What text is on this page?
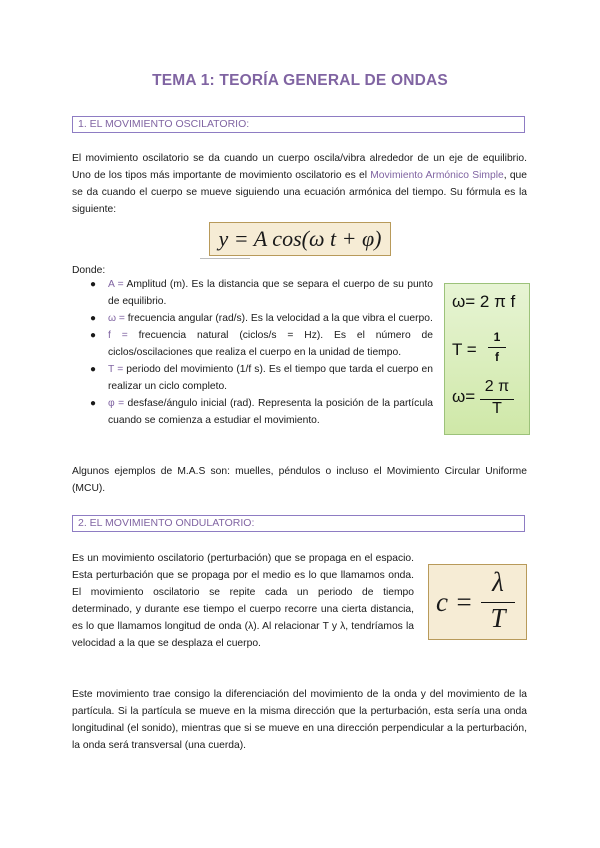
TEMA 1: TEORÍA GENERAL DE ONDAS
1. EL MOVIMIENTO OSCILATORIO:
El movimiento oscilatorio se da cuando un cuerpo oscila/vibra alrededor de un eje de equilibrio. Uno de los tipos más importante de movimiento oscilatorio es el Movimiento Armónico Simple, que se da cuando el cuerpo se mueve siguiendo una ecuación armónica del tiempo. Su fórmula es la siguiente:
y = A cos(ω t + φ)
Donde:
● A = Amplitud (m). Es la distancia que se separa el cuerpo de su punto de equilibrio.
● ω = frecuencia angular (rad/s). Es la velocidad a la que vibra el cuerpo.
● f = frecuencia natural (ciclos/s = Hz). Es el número de ciclos/oscilaciones que realiza el cuerpo en la unidad de tiempo.
● T = periodo del movimiento (1/f s). Es el tiempo que tarda el cuerpo en realizar un ciclo completo.
● φ = desfase/ángulo inicial (rad). Representa la posición de la partícula cuando se comienza a estudiar el movimiento.
ω= 2 π f
T =
1
f
ω=
2 π
T
Algunos ejemplos de M.A.S son: muelles, péndulos o incluso el Movimiento Circular Uniforme (MCU).
2. EL MOVIMIENTO ONDULATORIO:
Es un movimiento oscilatorio (perturbación) que se propaga en el espacio. Esta perturbación que se propaga por el medio es lo que llamamos onda. El movimiento oscilatorio se repite cada un periodo de tiempo determinado, y durante ese tiempo el cuerpo recorre una cierta distancia, es lo que llamamos longitud de onda (λ). Al relacionar T y λ, tendríamos la velocidad a la que se desplaza el cuerpo.
c =
λ
T
Este movimiento trae consigo la diferenciación del movimiento de la onda y del movimiento de la partícula. Si la partícula se mueve en la misma dirección que la perturbación, esta sería una onda longitudinal (el sonido), mientras que si se mueve en una dirección perpendicular a la perturbación, la onda será transversal (una cuerda).
